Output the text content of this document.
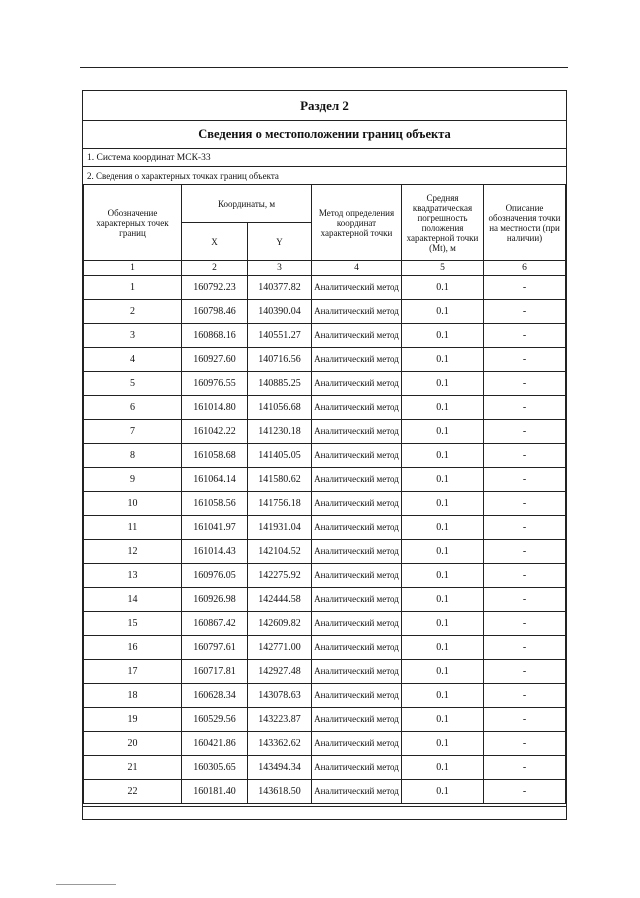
Раздел 2
Сведения о местоположении границ объекта
1. Система координат МСК-33
2. Сведения о характерных точках границ объекта
Обозначение характерных точек границ	Координаты, м		Метод определения координат характерной точки	Средняя квадратическая погрешность положения характерной точки (Mt), м	Описание обозначения точки на местности (при наличии)
	X	Y			
1	2	3	4	5	6
1	160792.23	140377.82	Аналитический метод	0.1	-
2	160798.46	140390.04	Аналитический метод	0.1	-
3	160868.16	140551.27	Аналитический метод	0.1	-
4	160927.60	140716.56	Аналитический метод	0.1	-
5	160976.55	140885.25	Аналитический метод	0.1	-
6	161014.80	141056.68	Аналитический метод	0.1	-
7	161042.22	141230.18	Аналитический метод	0.1	-
8	161058.68	141405.05	Аналитический метод	0.1	-
9	161064.14	141580.62	Аналитический метод	0.1	-
10	161058.56	141756.18	Аналитический метод	0.1	-
11	161041.97	141931.04	Аналитический метод	0.1	-
12	161014.43	142104.52	Аналитический метод	0.1	-
13	160976.05	142275.92	Аналитический метод	0.1	-
14	160926.98	142444.58	Аналитический метод	0.1	-
15	160867.42	142609.82	Аналитический метод	0.1	-
16	160797.61	142771.00	Аналитический метод	0.1	-
17	160717.81	142927.48	Аналитический метод	0.1	-
18	160628.34	143078.63	Аналитический метод	0.1	-
19	160529.56	143223.87	Аналитический метод	0.1	-
20	160421.86	143362.62	Аналитический метод	0.1	-
21	160305.65	143494.34	Аналитический метод	0.1	-
22	160181.40	143618.50	Аналитический метод	0.1	-
